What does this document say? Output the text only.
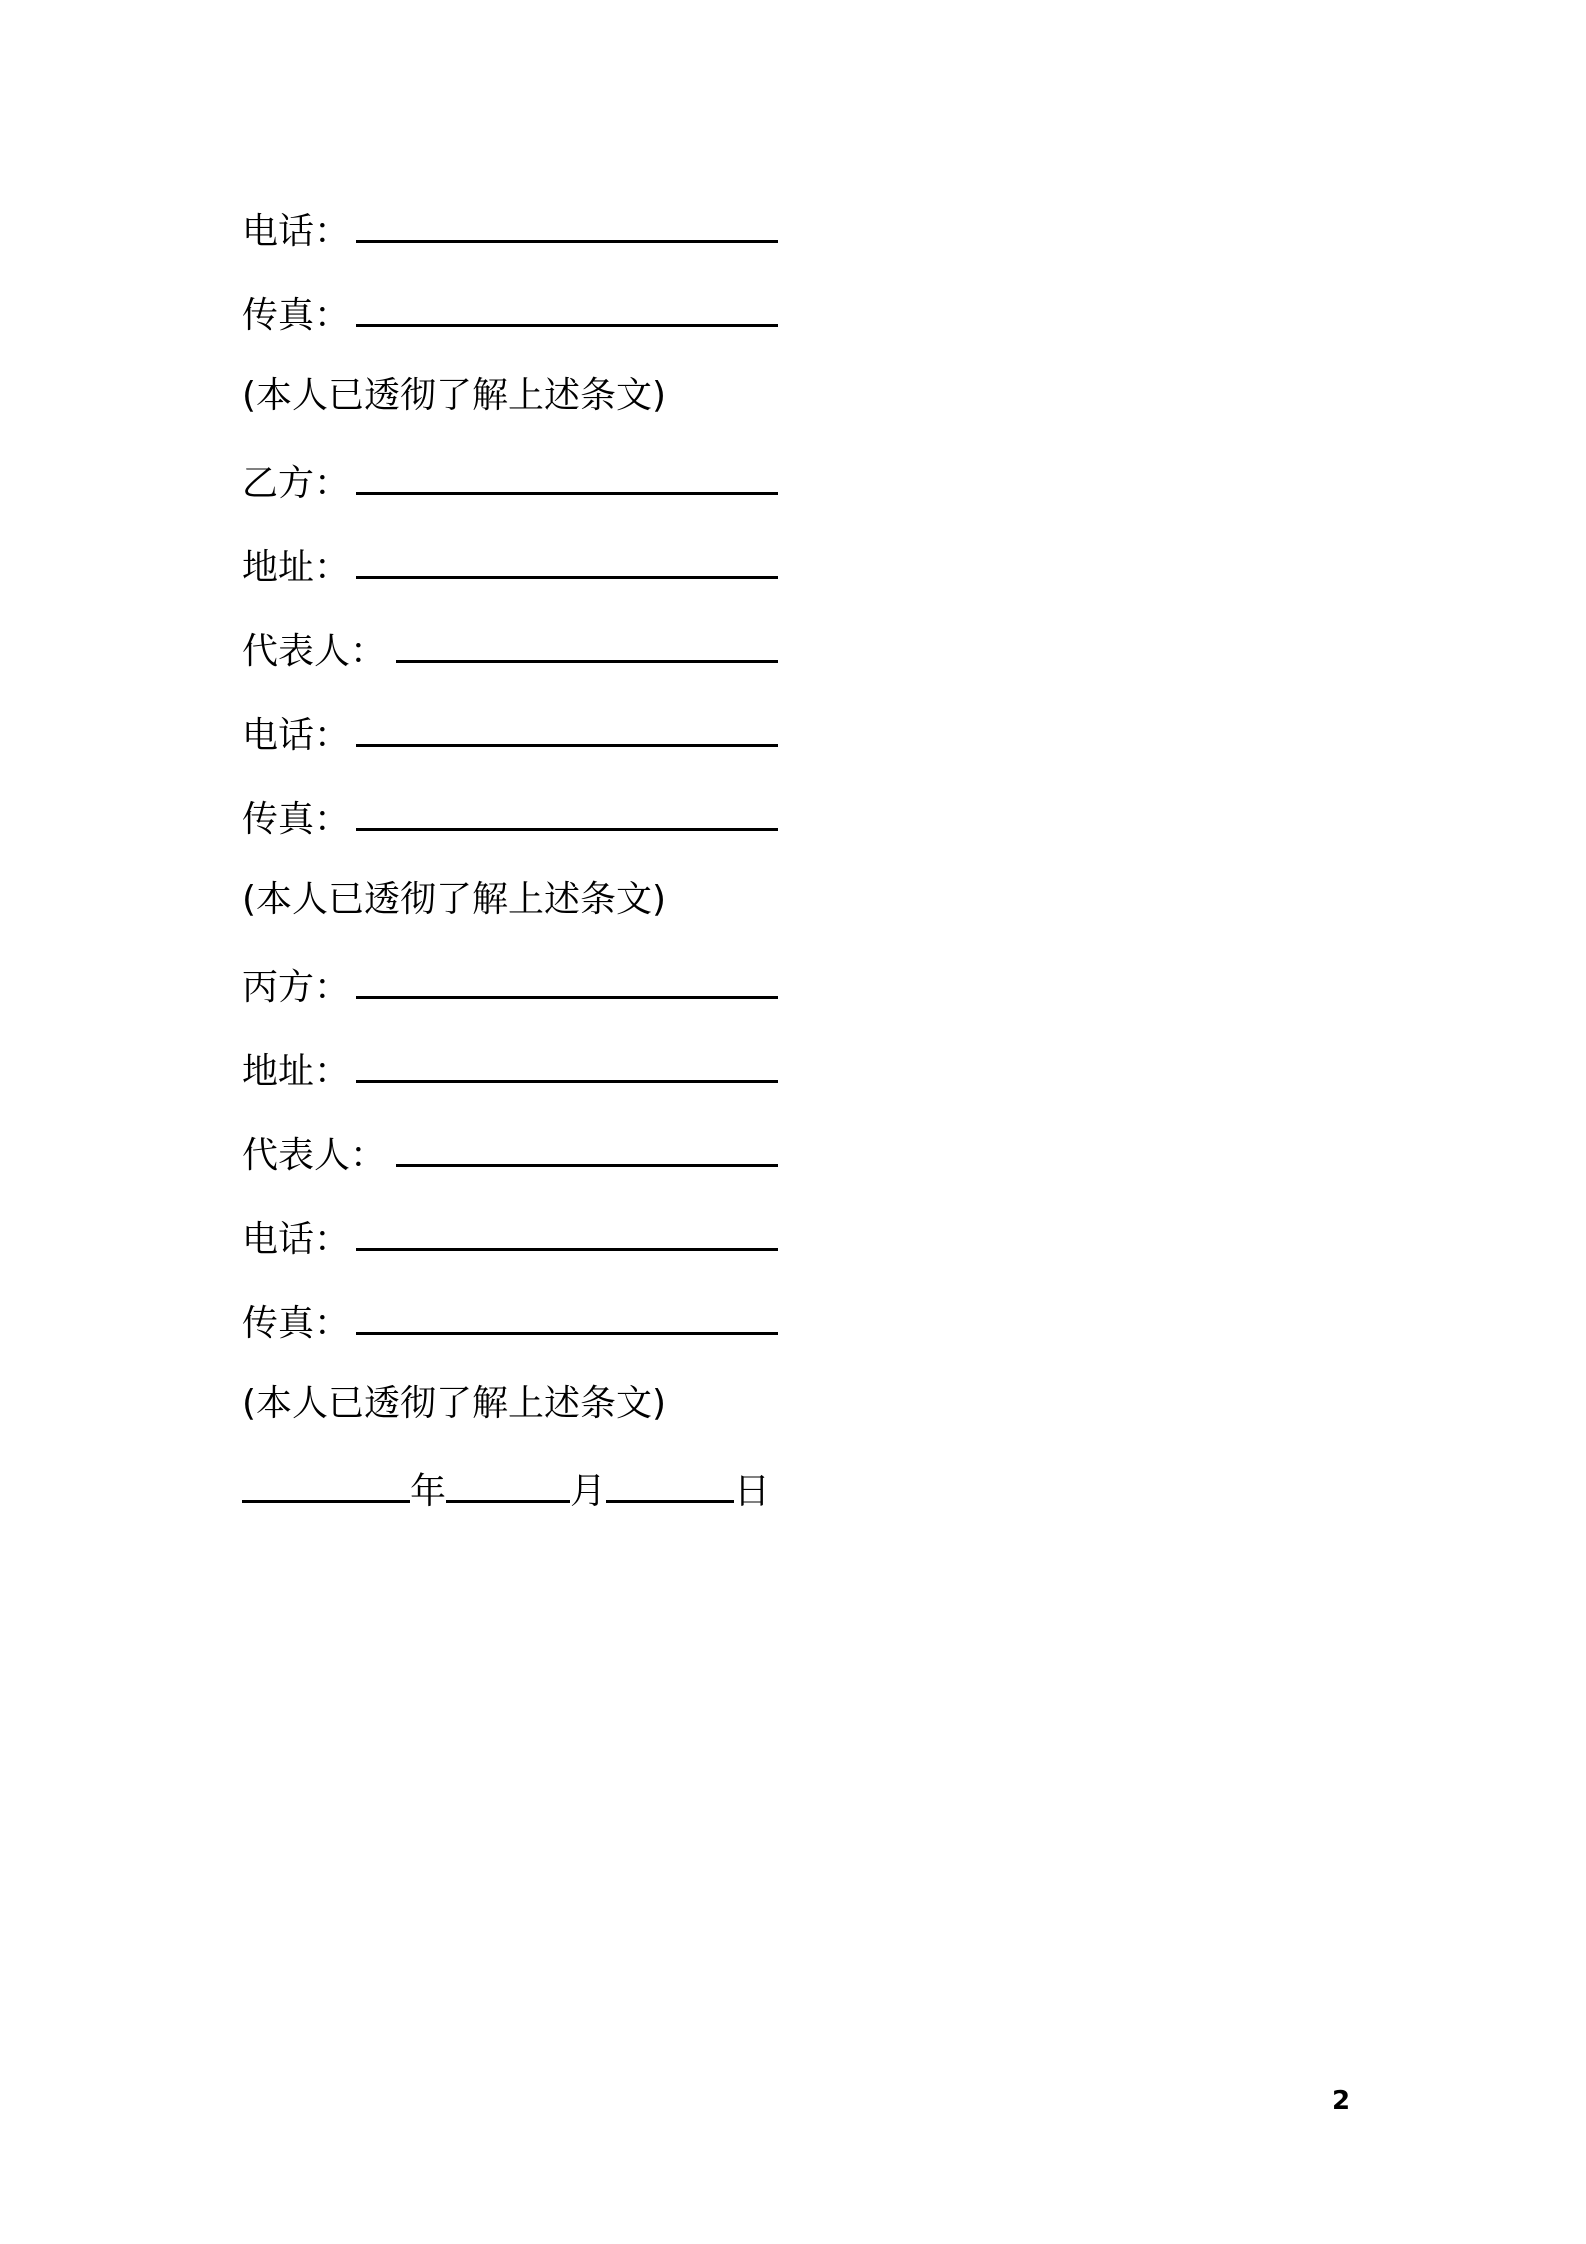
电话：
传真：
(本人已透彻了解上述条文)
乙方：
地址：
代表人：
电话：
传真：
(本人已透彻了解上述条文)
丙方：
地址：
代表人：
电话：
传真：
(本人已透彻了解上述条文)
年	月	日
2
